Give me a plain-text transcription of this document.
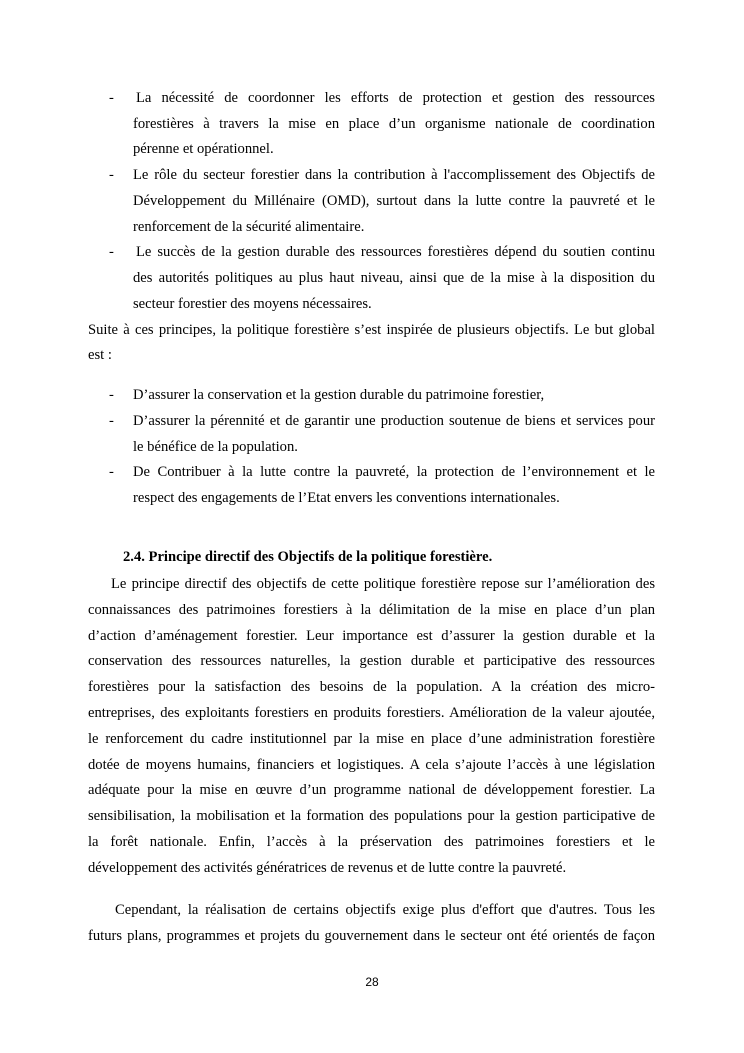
- La nécessité de coordonner les efforts de protection et gestion des ressources

forestières à travers la mise en place d’un organisme nationale de coordination

pérenne et opérationnel.

- Le rôle du secteur forestier dans la contribution à l'accomplissement des Objectifs de

Développement du Millénaire (OMD), surtout dans la lutte contre la pauvreté et le

renforcement de la sécurité alimentaire.

- Le succès de la gestion durable des ressources forestières dépend du soutien continu

des autorités politiques au plus haut niveau, ainsi que de la mise à la disposition du

secteur forestier des moyens nécessaires.

Suite à ces principes, la politique forestière s’est inspirée de plusieurs objectifs. Le but global

est :

- D’assurer la conservation et la gestion durable du patrimoine forestier,

- D’assurer la pérennité et de garantir une production soutenue de biens et services pour

le bénéfice de la population.

- De Contribuer à la lutte contre la pauvreté, la protection de l’environnement et le

respect des engagements de l’Etat envers les conventions internationales.

2.4. Principe directif des Objectifs de la politique forestière.

Le principe directif des objectifs de cette politique forestière repose sur l’amélioration des

connaissances des patrimoines forestiers à la délimitation de la mise en place d’un plan

d’action d’aménagement forestier. Leur importance est d’assurer la gestion durable et la

conservation des ressources naturelles, la gestion durable et participative des ressources

forestières pour la satisfaction des besoins de la population. A la création des micro-

entreprises, des exploitants forestiers en produits forestiers. Amélioration de la valeur ajoutée,

le renforcement du cadre institutionnel par la mise en place d’une administration forestière

dotée de moyens humains, financiers et logistiques. A cela s’ajoute l’accès à une législation

adéquate pour la mise en œuvre d’un programme national de développement forestier. La

sensibilisation, la mobilisation et la formation des populations pour la gestion participative de

la forêt nationale. Enfin, l’accès à la préservation des patrimoines forestiers et le

développement des activités génératrices de revenus et de lutte contre la pauvreté.

Cependant, la réalisation de certains objectifs exige plus d'effort que d'autres. Tous les

futurs plans, programmes et projets du gouvernement dans le secteur ont été orientés de façon

28
